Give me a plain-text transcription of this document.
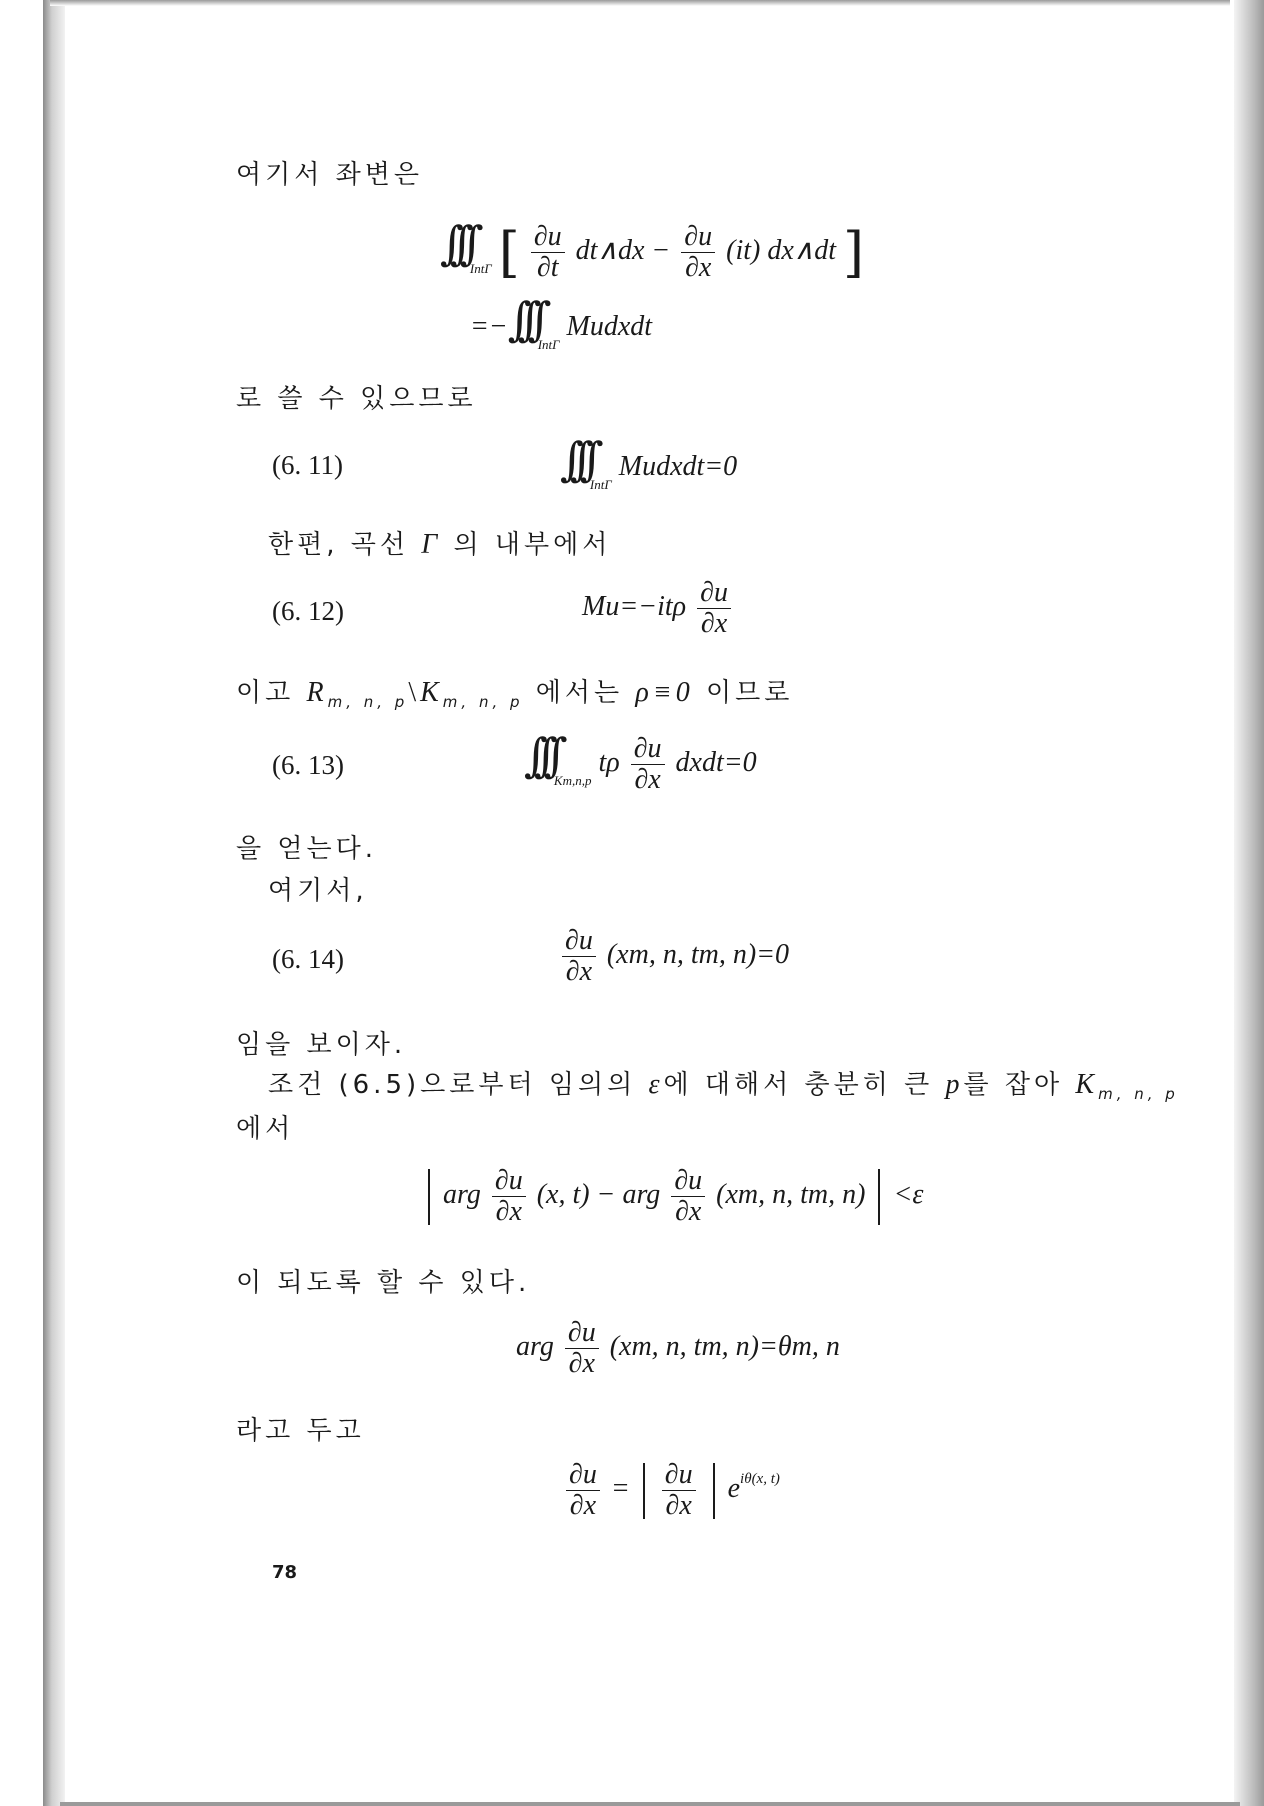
여기서 좌변은
$\int\int\int_{Int\Gamma}$ [ $\frac{\partial u}{\partial t}$ dt∧dx − $\frac{\partial u}{\partial x} (it)$ dx∧dt ]
$=-\int\int\int_{Int\Gamma}$ Mudxdt
로 쓸 수 있으므로
(6. 11)	$\int\int\int_{Int\Gamma}$ Mudxdt=0
한편, 곡선 Γ 의 내부에서
(6. 12)	$Mu=-it\rho \frac{\partial u}{\partial x}$
이고 $R_{m, n, p}\backslash K_{m, n, p}$ 에서는 ρ≡0 이므로
(6. 13)	$\int\int\int_{Km,n,p}$ tρ $\frac{\partial u}{\partial x}$ dxdt=0
을 얻는다.
여기서,
(6. 14)	$\frac{\partial u}{\partial x} (xm$, n, tm, n)=0
임을 보이자.
조건 (6.5)으로부터 임의의 ε에 대해서 충분히 큰 p를 잡아 $K_{m, n, p}$
에서
arg $\frac{\partial u}{\partial x} (x$, t) − arg $\frac{\partial u}{\partial x} (xm$, n, tm, n) <ε
이 되도록 할 수 있다.
arg $\frac{\partial u}{\partial x} (xm$, n, tm, n)=θm, n
라고 두고
$\frac{\partial u}{\partial x} = \frac{\partial u}{\partial x} e^{i\theta(x, t)}$
78
